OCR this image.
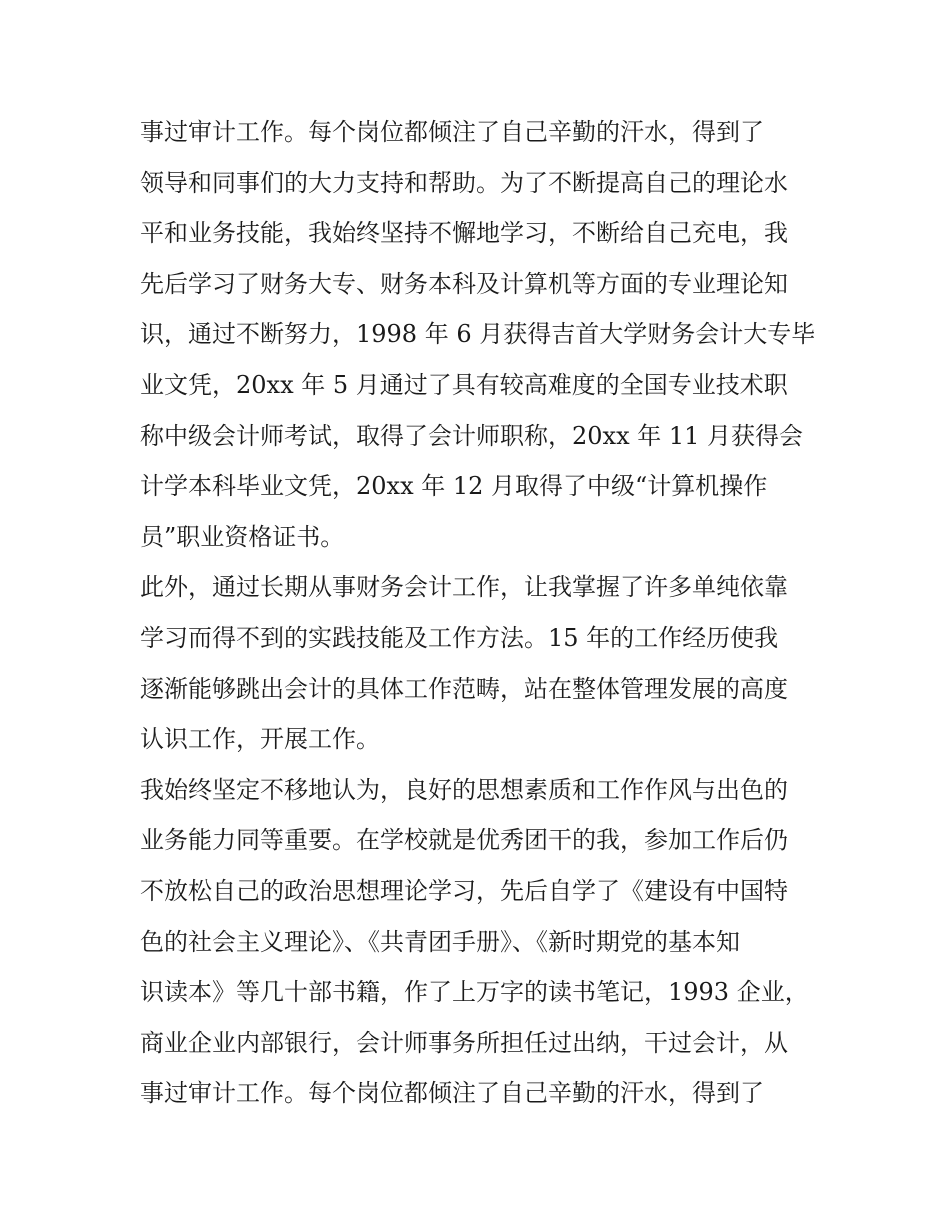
事过审计工作。每个岗位都倾注了自己辛勤的汗水，得到了
领导和同事们的大力支持和帮助。为了不断提高自己的理论水
平和业务技能，我始终坚持不懈地学习，不断给自己充电，我
先后学习了财务大专、财务本科及计算机等方面的专业理论知
识，通过不断努力，1998 年 6 月获得吉首大学财务会计大专毕
业文凭，20xx 年 5 月通过了具有较高难度的全国专业技术职
称中级会计师考试，取得了会计师职称，20xx 年 11 月获得会
计学本科毕业文凭，20xx 年 12 月取得了中级“计算机操作
员”职业资格证书。
此外，通过长期从事财务会计工作，让我掌握了许多单纯依靠
学习而得不到的实践技能及工作方法。15 年的工作经历使我
逐渐能够跳出会计的具体工作范畴，站在整体管理发展的高度
认识工作，开展工作。
我始终坚定不移地认为，良好的思想素质和工作作风与出色的
业务能力同等重要。在学校就是优秀团干的我，参加工作后仍
不放松自己的政治思想理论学习，先后自学了《建设有中国特
色的社会主义理论》、《共青团手册》、《新时期党的基本知
识读本》等几十部书籍，作了上万字的读书笔记，1993 企业，
商业企业内部银行，会计师事务所担任过出纳，干过会计，从
事过审计工作。每个岗位都倾注了自己辛勤的汗水，得到了
